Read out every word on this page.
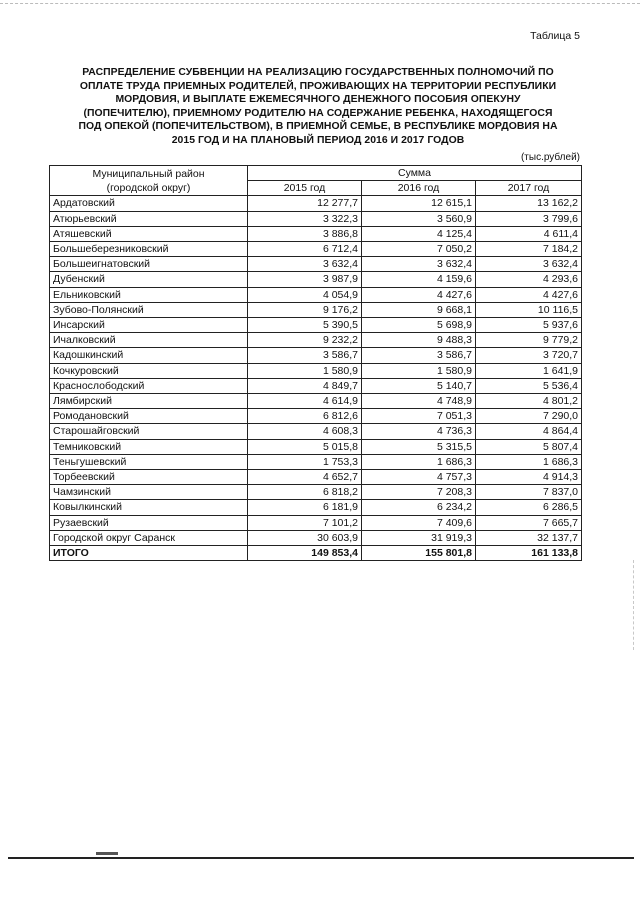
Таблица 5
РАСПРЕДЕЛЕНИЕ СУБВЕНЦИИ НА РЕАЛИЗАЦИЮ ГОСУДАРСТВЕННЫХ ПОЛНОМОЧИЙ ПО
ОПЛАТЕ ТРУДА ПРИЕМНЫХ РОДИТЕЛЕЙ, ПРОЖИВАЮЩИХ НА ТЕРРИТОРИИ РЕСПУБЛИКИ
МОРДОВИЯ, И ВЫПЛАТЕ ЕЖЕМЕСЯЧНОГО ДЕНЕЖНОГО ПОСОБИЯ ОПЕКУНУ
(ПОПЕЧИТЕЛЮ), ПРИЕМНОМУ РОДИТЕЛЮ НА СОДЕРЖАНИЕ РЕБЕНКА, НАХОДЯЩЕГОСЯ
ПОД ОПЕКОЙ (ПОПЕЧИТЕЛЬСТВОМ), В ПРИЕМНОЙ СЕМЬЕ, В РЕСПУБЛИКЕ МОРДОВИЯ НА
2015 ГОД И НА ПЛАНОВЫЙ ПЕРИОД 2016 И 2017 ГОДОВ
(тыс.рублей)
Муниципальный район
(городской округ)	Сумма		
	2015 год	2016 год	2017 год
Ардатовский	12 277,7	12 615,1	13 162,2
Атюрьевский	3 322,3	3 560,9	3 799,6
Атяшевский	3 886,8	4 125,4	4 611,4
Большеберезниковский	6 712,4	7 050,2	7 184,2
Большеигнатовский	3 632,4	3 632,4	3 632,4
Дубенский	3 987,9	4 159,6	4 293,6
Ельниковский	4 054,9	4 427,6	4 427,6
Зубово-Полянский	9 176,2	9 668,1	10 116,5
Инсарский	5 390,5	5 698,9	5 937,6
Ичалковский	9 232,2	9 488,3	9 779,2
Кадошкинский	3 586,7	3 586,7	3 720,7
Кочкуровский	1 580,9	1 580,9	1 641,9
Краснослободский	4 849,7	5 140,7	5 536,4
Лямбирский	4 614,9	4 748,9	4 801,2
Ромодановский	6 812,6	7 051,3	7 290,0
Старошайговский	4 608,3	4 736,3	4 864,4
Темниковский	5 015,8	5 315,5	5 807,4
Теньгушевский	1 753,3	1 686,3	1 686,3
Торбеевский	4 652,7	4 757,3	4 914,3
Чамзинский	6 818,2	7 208,3	7 837,0
Ковылкинский	6 181,9	6 234,2	6 286,5
Рузаевский	7 101,2	7 409,6	7 665,7
Городской округ Саранск	30 603,9	31 919,3	32 137,7
ИТОГО	149 853,4	155 801,8	161 133,8
